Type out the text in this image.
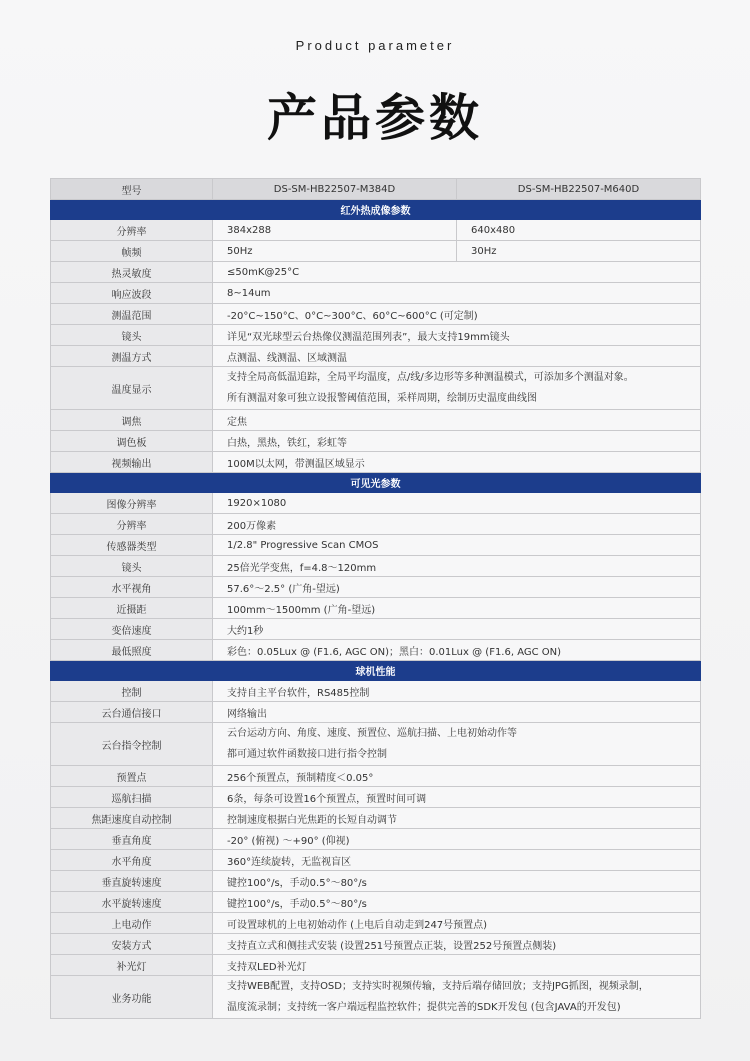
Product parameter
产品参数
型号	DS-SM-HB22507-M384D	DS-SM-HB22507-M640D
红外热成像参数		
分辨率	384x288	640x480
帧频	50Hz	30Hz
热灵敏度	≤50mK@25°C	
响应波段	8~14um	
测温范围	-20°C~150°C、0°C~300°C、60°C~600°C (可定制)	
镜头	详见“双光球型云台热像仪测温范围列表”，最大支持19mm镜头	
测温方式	点测温、线测温、区域测温	
温度显示	支持全局高低温追踪，全局平均温度，点/线/多边形等多种测温模式，可添加多个测温对象。
所有测温对象可独立设报警阈值范围，采样周期，绘制历史温度曲线图	

调焦	定焦	
调色板	白热，黑热，铁红，彩虹等	
视频输出	100M以太网，带测温区域显示	
可见光参数		
图像分辨率	1920×1080	
分辨率	200万像素	
传感器类型	1/2.8" Progressive Scan CMOS	
镜头	25倍光学变焦，f=4.8～120mm	
水平视角	57.6°～2.5° (广角-望远)	
近摄距	100mm～1500mm (广角-望远)	
变倍速度	大约1秒	
最低照度	彩色：0.05Lux @ (F1.6, AGC ON)；黑白：0.01Lux @ (F1.6, AGC ON)	
球机性能		
控制	支持自主平台软件，RS485控制	
云台通信接口	网络输出	
云台指令控制	云台运动方向、角度、速度、预置位、巡航扫描、上电初始动作等
都可通过软件函数接口进行指令控制	

预置点	256个预置点，预制精度＜0.05°	
巡航扫描	6条，每条可设置16个预置点，预置时间可调	
焦距速度自动控制	控制速度根据白光焦距的长短自动调节	
垂直角度	-20° (俯视) ～+90° (仰视)	
水平角度	360°连续旋转，无监视盲区	
垂直旋转速度	键控100°/s，手动0.5°～80°/s	
水平旋转速度	键控100°/s，手动0.5°～80°/s	
上电动作	可设置球机的上电初始动作 (上电后自动走到247号预置点)	
安装方式	支持直立式和侧挂式安装 (设置251号预置点正装，设置252号预置点侧装)	
补光灯	支持双LED补光灯	
业务功能	支持WEB配置，支持OSD；支持实时视频传输，支持后端存储回放；支持JPG抓图，视频录制，
温度流录制；支持统一客户端远程监控软件；提供完善的SDK开发包 (包含JAVA的开发包)	
